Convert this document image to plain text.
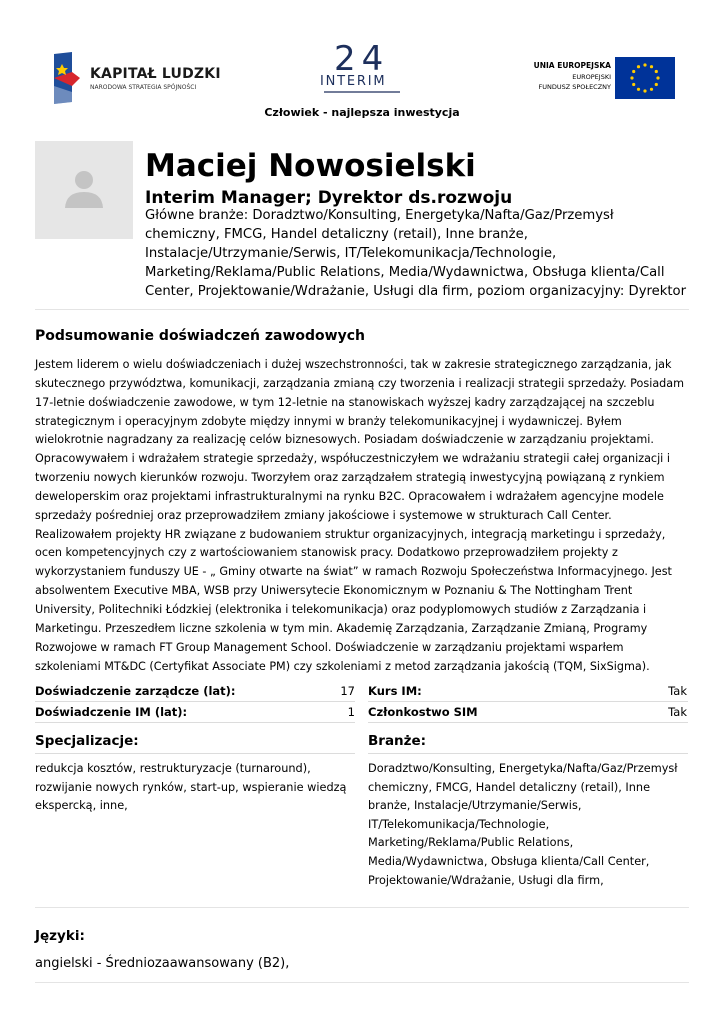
KAPITAŁ LUDZKI
NARODOWA STRATEGIA SPÓJNOŚCI
24
INTERIM
UNIA EUROPEJSKA
EUROPEJSKI
FUNDUSZ SPOŁECZNY
Człowiek - najlepsza inwestycja
Maciej Nowosielski
Interim Manager; Dyrektor ds.rozwoju
Główne branże: Doradztwo/Konsulting, Energetyka/Nafta/Gaz/Przemysł
chemiczny, FMCG, Handel detaliczny (retail), Inne branże,
Instalacje/Utrzymanie/Serwis, IT/Telekomunikacja/Technologie,
Marketing/Reklama/Public Relations, Media/Wydawnictwa, Obsługa klienta/Call
Center, Projektowanie/Wdrażanie, Usługi dla firm, poziom organizacyjny: Dyrektor
Podsumowanie doświadczeń zawodowych
Jestem liderem o wielu doświadczeniach i dużej wszechstronności, tak w zakresie strategicznego zarządzania, jak
skutecznego przywództwa, komunikacji, zarządzania zmianą czy tworzenia i realizacji strategii sprzedaży. Posiadam
17-letnie doświadczenie zawodowe, w tym 12-letnie na stanowiskach wyższej kadry zarządzającej na szczeblu
strategicznym i operacyjnym zdobyte między innymi w branży telekomunikacyjnej i wydawniczej. Byłem
wielokrotnie nagradzany za realizację celów biznesowych. Posiadam doświadczenie w zarządzaniu projektami.
Opracowywałem i wdrażałem strategie sprzedaży, współuczestniczyłem we wdrażaniu strategii całej organizacji i
tworzeniu nowych kierunków rozwoju. Tworzyłem oraz zarządzałem strategią inwestycyjną powiązaną z rynkiem
deweloperskim oraz projektami infrastrukturalnymi na rynku B2C. Opracowałem i wdrażałem agencyjne modele
sprzedaży pośredniej oraz przeprowadziłem zmiany jakościowe i systemowe w strukturach Call Center.
Realizowałem projekty HR związane z budowaniem struktur organizacyjnych, integracją marketingu i sprzedaży,
ocen kompetencyjnych czy z wartościowaniem stanowisk pracy. Dodatkowo przeprowadziłem projekty z
wykorzystaniem funduszy UE - „ Gminy otwarte na świat” w ramach Rozwoju Społeczeństwa Informacyjnego. Jest
absolwentem Executive MBA, WSB przy Uniwersytecie Ekonomicznym w Poznaniu & The Nottingham Trent
University, Politechniki Łódzkiej (elektronika i telekomunikacja) oraz podyplomowych studiów z Zarządzania i
Marketingu. Przeszedłem liczne szkolenia w tym min. Akademię Zarządzania, Zarządzanie Zmianą, Programy
Rozwojowe w ramach FT Group Management School. Doświadczenie w zarządzaniu projektami wsparłem
szkoleniami MT&DC (Certyfikat Associate PM) czy szkoleniami z metod zarządzania jakością (TQM, SixSigma).
Doświadczenie zarządcze (lat):	17
Doświadczenie IM (lat):	1
Kurs IM:	Tak
Członkostwo SIM	Tak
Specjalizacje:
redukcja kosztów, restrukturyzacje (turnaround),
rozwijanie nowych rynków, start-up, wspieranie wiedzą
ekspercką, inne,
Branże:
Doradztwo/Konsulting, Energetyka/Nafta/Gaz/Przemysł
chemiczny, FMCG, Handel detaliczny (retail), Inne
branże, Instalacje/Utrzymanie/Serwis,
IT/Telekomunikacja/Technologie,
Marketing/Reklama/Public Relations,
Media/Wydawnictwa, Obsługa klienta/Call Center,
Projektowanie/Wdrażanie, Usługi dla firm,
Języki:
angielski - Średniozaawansowany (B2),
